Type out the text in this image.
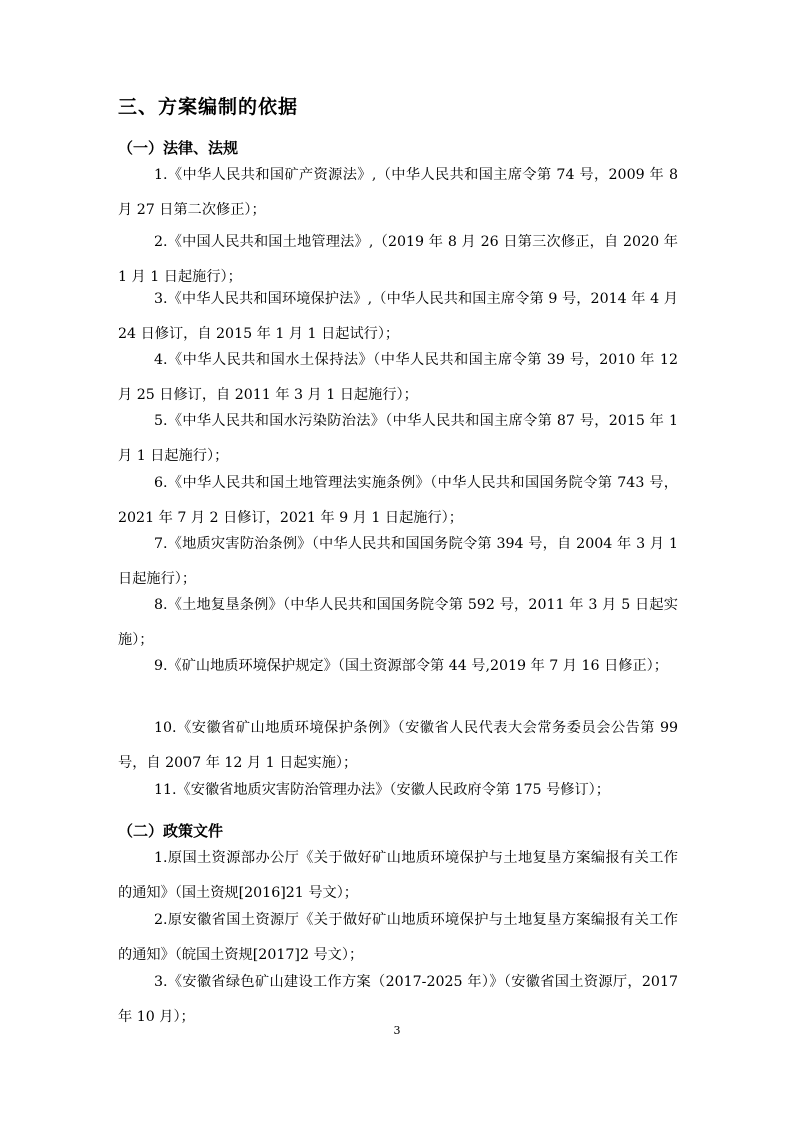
三、方案编制的依据
（一）法律、法规

1.《中华人民共和国矿产资源法》,（中华人民共和国主席令第 74 号，2009 年 8 月 27 日第二次修正）；

2.《中国人民共和国土地管理法》,（2019 年 8 月 26 日第三次修正，自 2020 年 1 月 1 日起施行）；

3.《中华人民共和国环境保护法》,（中华人民共和国主席令第 9 号，2014 年 4 月 24 日修订，自 2015 年 1 月 1 日起试行）；

4.《中华人民共和国水土保持法》（中华人民共和国主席令第 39 号，2010 年 12 月 25 日修订，自 2011 年 3 月 1 日起施行）；

5.《中华人民共和国水污染防治法》（中华人民共和国主席令第 87 号，2015 年 1 月 1 日起施行）；

6.《中华人民共和国土地管理法实施条例》（中华人民共和国国务院令第 743 号，2021 年 7 月 2 日修订，2021 年 9 月 1 日起施行）；

7.《地质灾害防治条例》（中华人民共和国国务院令第 394 号，自 2004 年 3 月 1 日起施行）；

8.《土地复垦条例》（中华人民共和国国务院令第 592 号，2011 年 3 月 5 日起实施）；

9.《矿山地质环境保护规定》（国土资源部令第 44 号,2019 年 7 月 16 日修正）；

10.《安徽省矿山地质环境保护条例》（安徽省人民代表大会常务委员会公告第 99 号，自 2007 年 12 月 1 日起实施）；

11.《安徽省地质灾害防治管理办法》（安徽人民政府令第 175 号修订）；

（二）政策文件

1.原国土资源部办公厅《关于做好矿山地质环境保护与土地复垦方案编报有关工作的通知》（国土资规[2016]21 号文）；

2.原安徽省国土资源厅《关于做好矿山地质环境保护与土地复垦方案编报有关工作的通知》（皖国土资规[2017]2 号文）；

3.《安徽省绿色矿山建设工作方案（2017-2025 年）》（安徽省国土资源厅，2017 年 10 月）；

3
